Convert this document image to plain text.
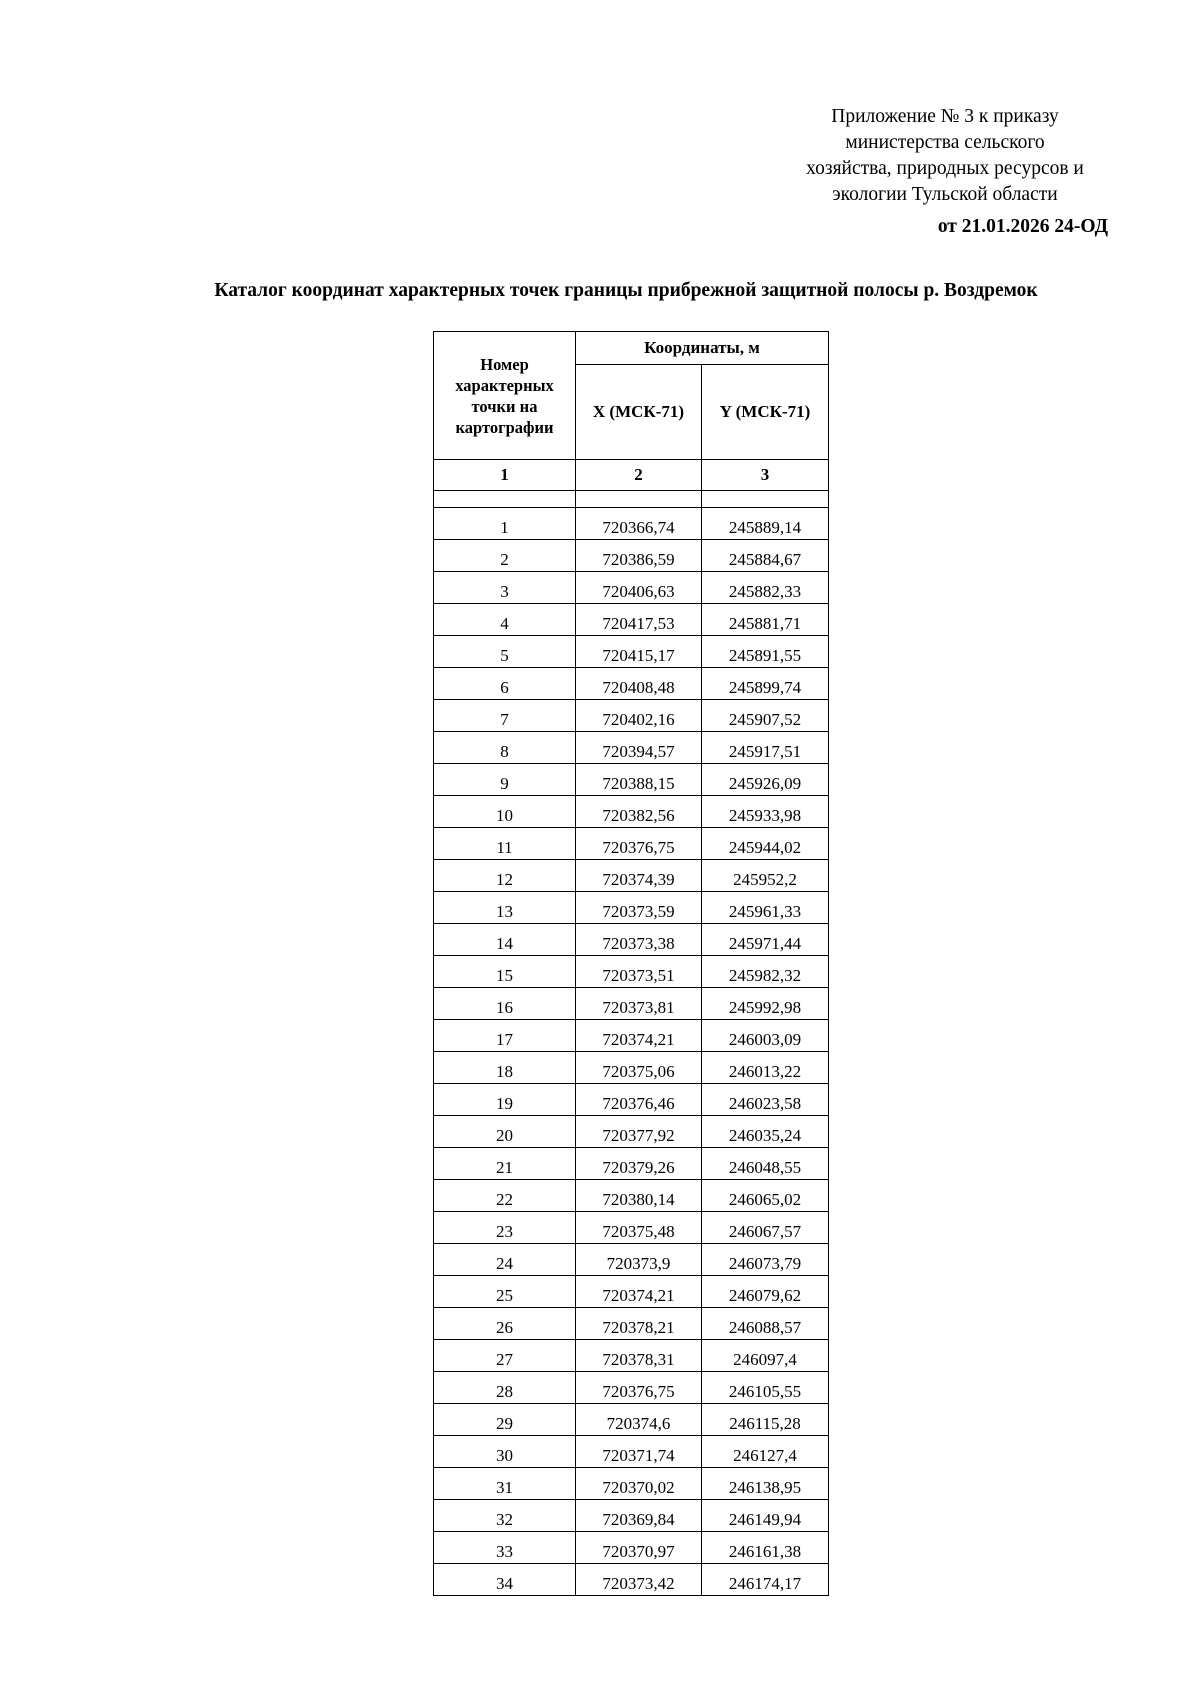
Приложение № 3 к приказу
министерства сельского
хозяйства, природных ресурсов и
экологии Тульской области
от 21.01.2026 24-ОД
Каталог координат характерных точек границы прибрежной защитной полосы р. Воздремок
Номер
характерных
точки на
картографии	Координаты, м	
	X (МСК-71)	Y (МСК-71)
1	2	3

1	720366,74	245889,14
2	720386,59	245884,67
3	720406,63	245882,33
4	720417,53	245881,71
5	720415,17	245891,55
6	720408,48	245899,74
7	720402,16	245907,52
8	720394,57	245917,51
9	720388,15	245926,09
10	720382,56	245933,98
11	720376,75	245944,02
12	720374,39	245952,2
13	720373,59	245961,33
14	720373,38	245971,44
15	720373,51	245982,32
16	720373,81	245992,98
17	720374,21	246003,09
18	720375,06	246013,22
19	720376,46	246023,58
20	720377,92	246035,24
21	720379,26	246048,55
22	720380,14	246065,02
23	720375,48	246067,57
24	720373,9	246073,79
25	720374,21	246079,62
26	720378,21	246088,57
27	720378,31	246097,4
28	720376,75	246105,55
29	720374,6	246115,28
30	720371,74	246127,4
31	720370,02	246138,95
32	720369,84	246149,94
33	720370,97	246161,38
34	720373,42	246174,17
